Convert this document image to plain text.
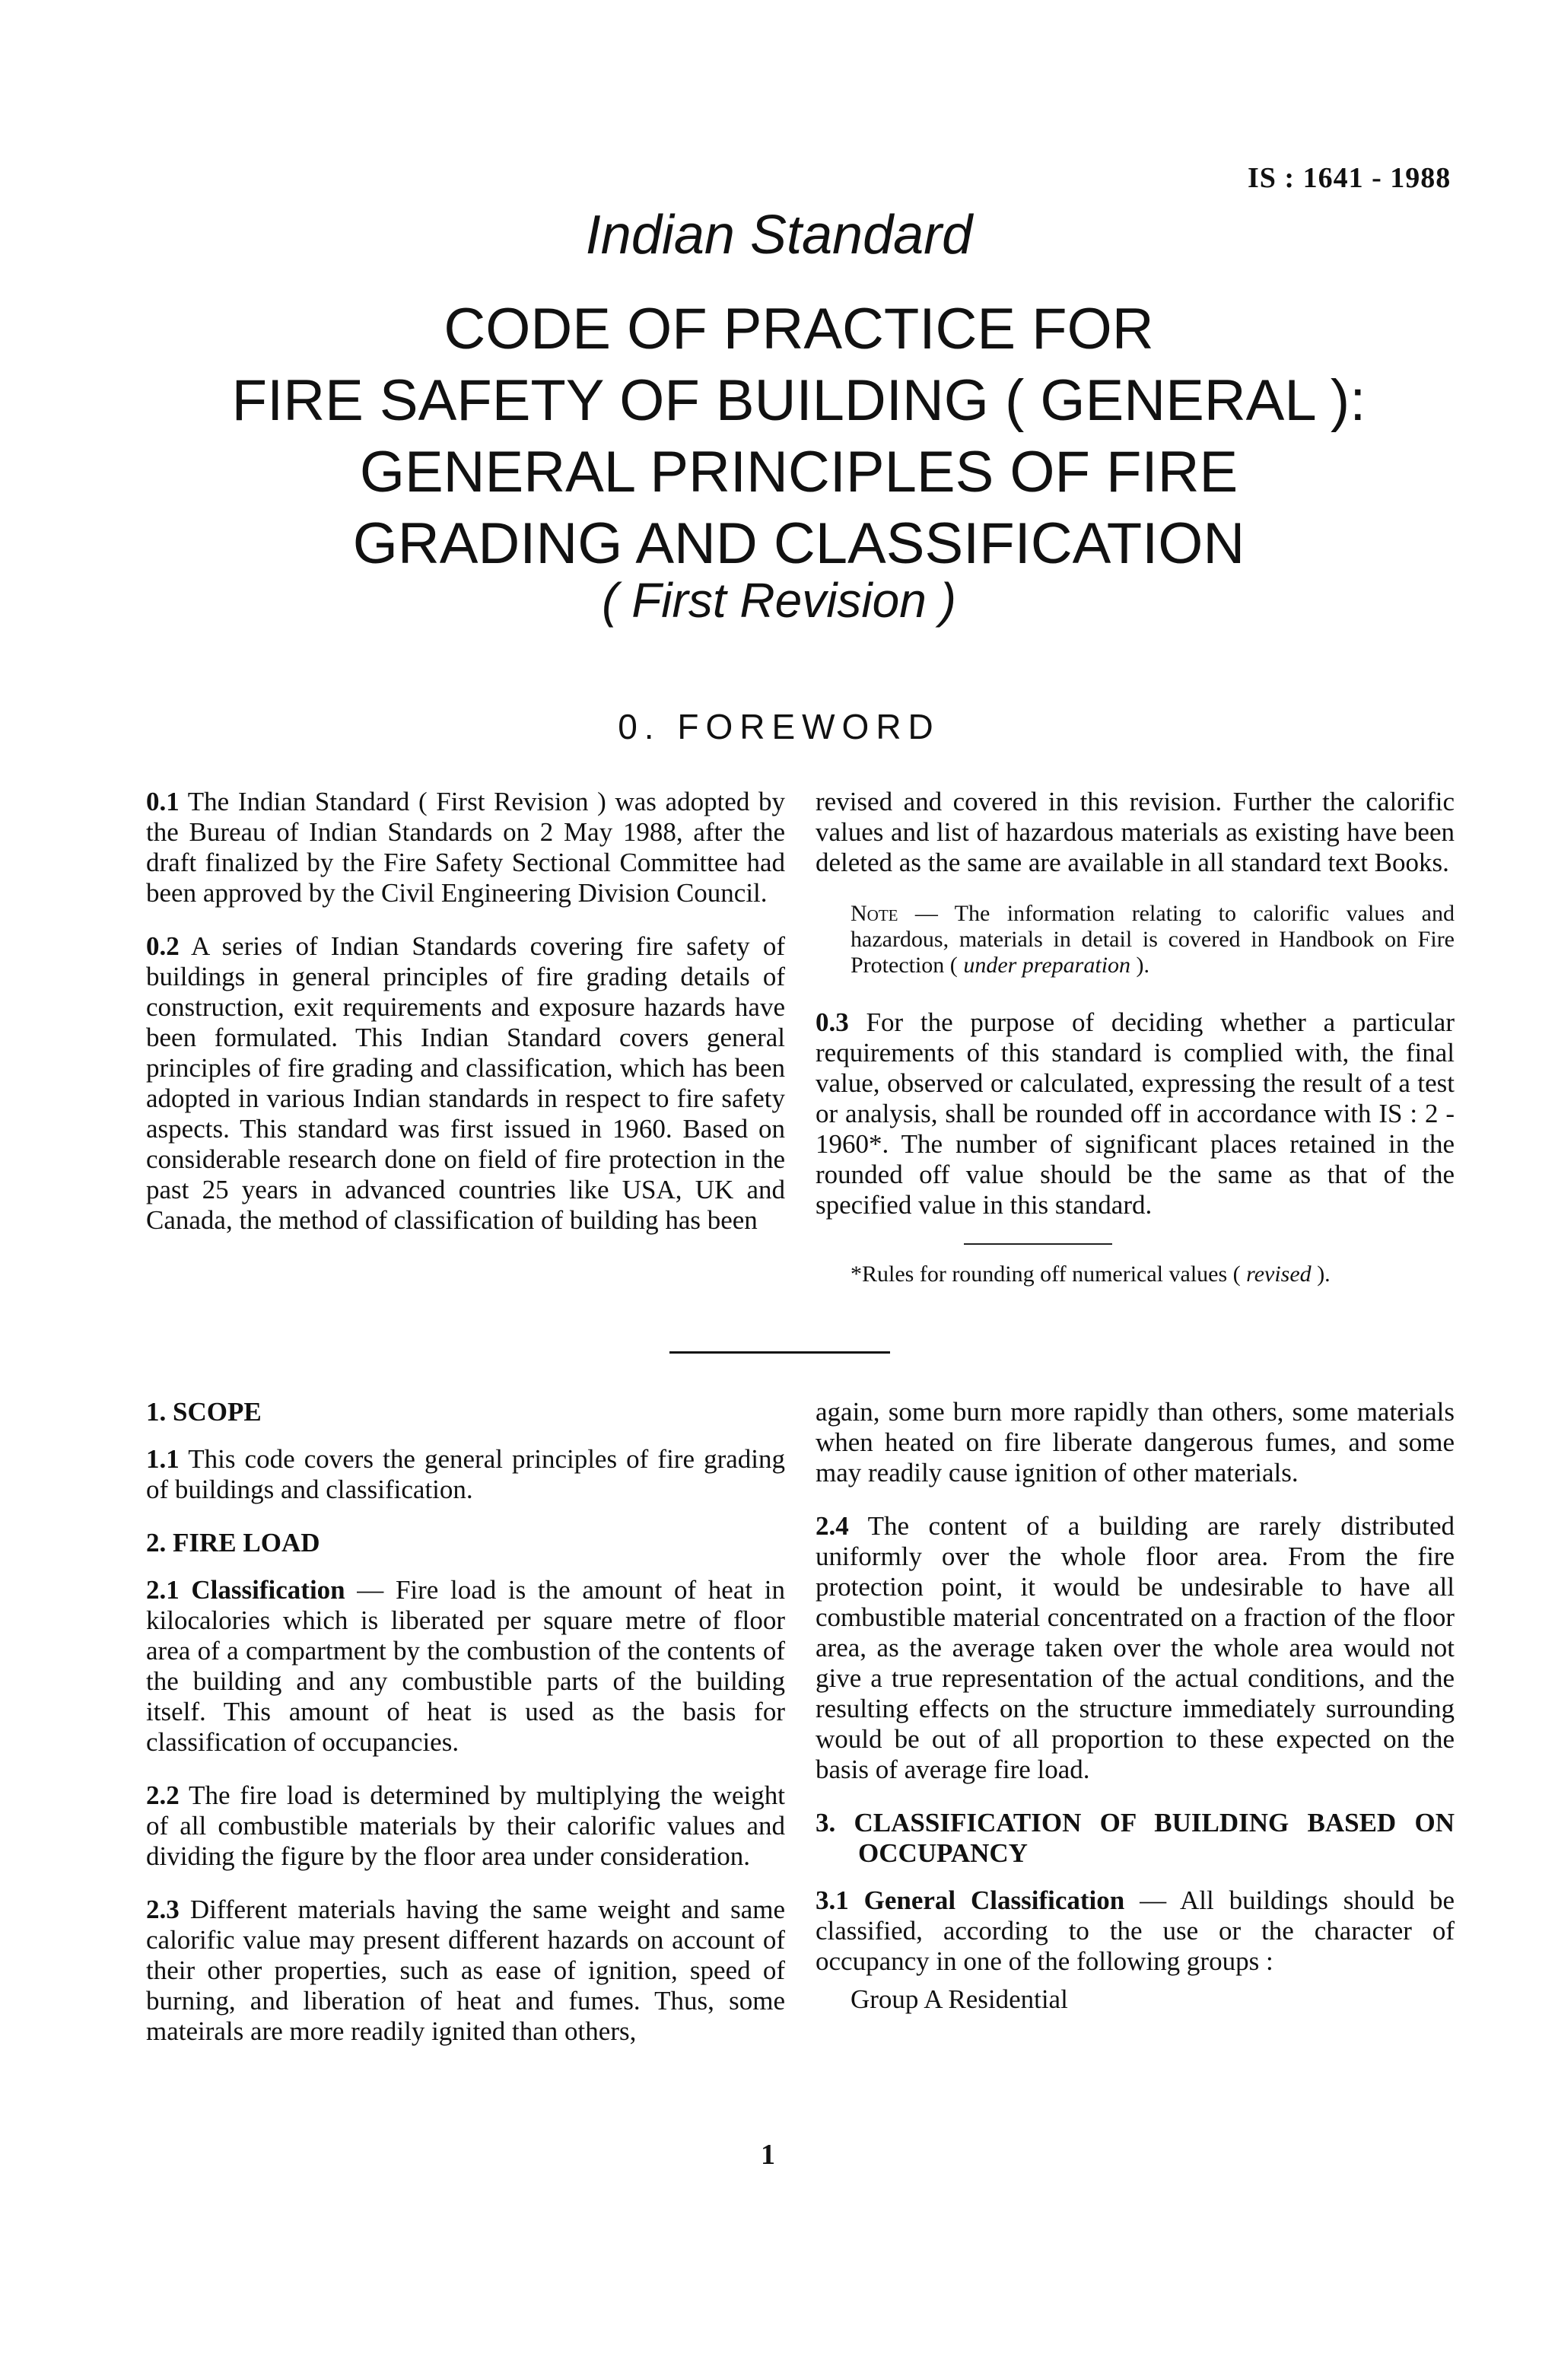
IS : 1641 - 1988
Indian Standard
CODE OF PRACTICE FOR
FIRE SAFETY OF BUILDING ( GENERAL ):
GENERAL PRINCIPLES OF FIRE
GRADING AND CLASSIFICATION
( First Revision )
0. FOREWORD

0.1 The Indian Standard ( First Revision ) was adopted by the Bureau of Indian Standards on 2 May 1988, after the draft finalized by the Fire Safety Sectional Committee had been approved by the Civil Engineering Division Council.

0.2 A series of Indian Standards covering fire safety of buildings in general principles of fire grading details of construction, exit requirements and exposure hazards have been formulated. This Indian Standard covers general principles of fire grading and classification, which has been adopted in various Indian standards in respect to fire safety aspects. This standard was first issued in 1960. Based on considerable research done on field of fire protection in the past 25 years in advanced countries like USA, UK and Canada, the method of classification of building has been

revised and covered in this revision. Further the calorific values and list of hazardous materials as existing have been deleted as the same are available in all standard text Books.

Note — The information relating to calorific values and hazardous, materials in detail is covered in Handbook on Fire Protection ( under preparation ).

0.3 For the purpose of deciding whether a particular requirements of this standard is complied with, the final value, observed or calculated, expressing the result of a test or analysis, shall be rounded off in accordance with IS : 2 - 1960*. The number of significant places retained in the rounded off value should be the same as that of the specified value in this standard.

*Rules for rounding off numerical values ( revised ).
1. SCOPE

1.1 This code covers the general principles of fire grading of buildings and classification.

2. FIRE LOAD

2.1 Classification — Fire load is the amount of heat in kilocalories which is liberated per square metre of floor area of a compartment by the combustion of the contents of the building and any combustible parts of the building itself. This amount of heat is used as the basis for classification of occupancies.

2.2 The fire load is determined by multiplying the weight of all combustible materials by their calorific values and dividing the figure by the floor area under consideration.

2.3 Different materials having the same weight and same calorific value may present different hazards on account of their other properties, such as ease of ignition, speed of burning, and liberation of heat and fumes. Thus, some mateirals are more readily ignited than others,

again, some burn more rapidly than others, some materials when heated on fire liberate dangerous fumes, and some may readily cause ignition of other materials.

2.4 The content of a building are rarely distributed uniformly over the whole floor area. From the fire protection point, it would be undesirable to have all combustible material concentrated on a fraction of the floor area, as the average taken over the whole area would not give a true representation of the actual conditions, and the resulting effects on the structure immediately surrounding would be out of all proportion to these expected on the basis of average fire load.

3. CLASSIFICATION OF BUILDING BASED ON OCCUPANCY

3.1 General Classification — All buildings should be classified, according to the use or the character of occupancy in one of the following groups :

Group A Residential
1
